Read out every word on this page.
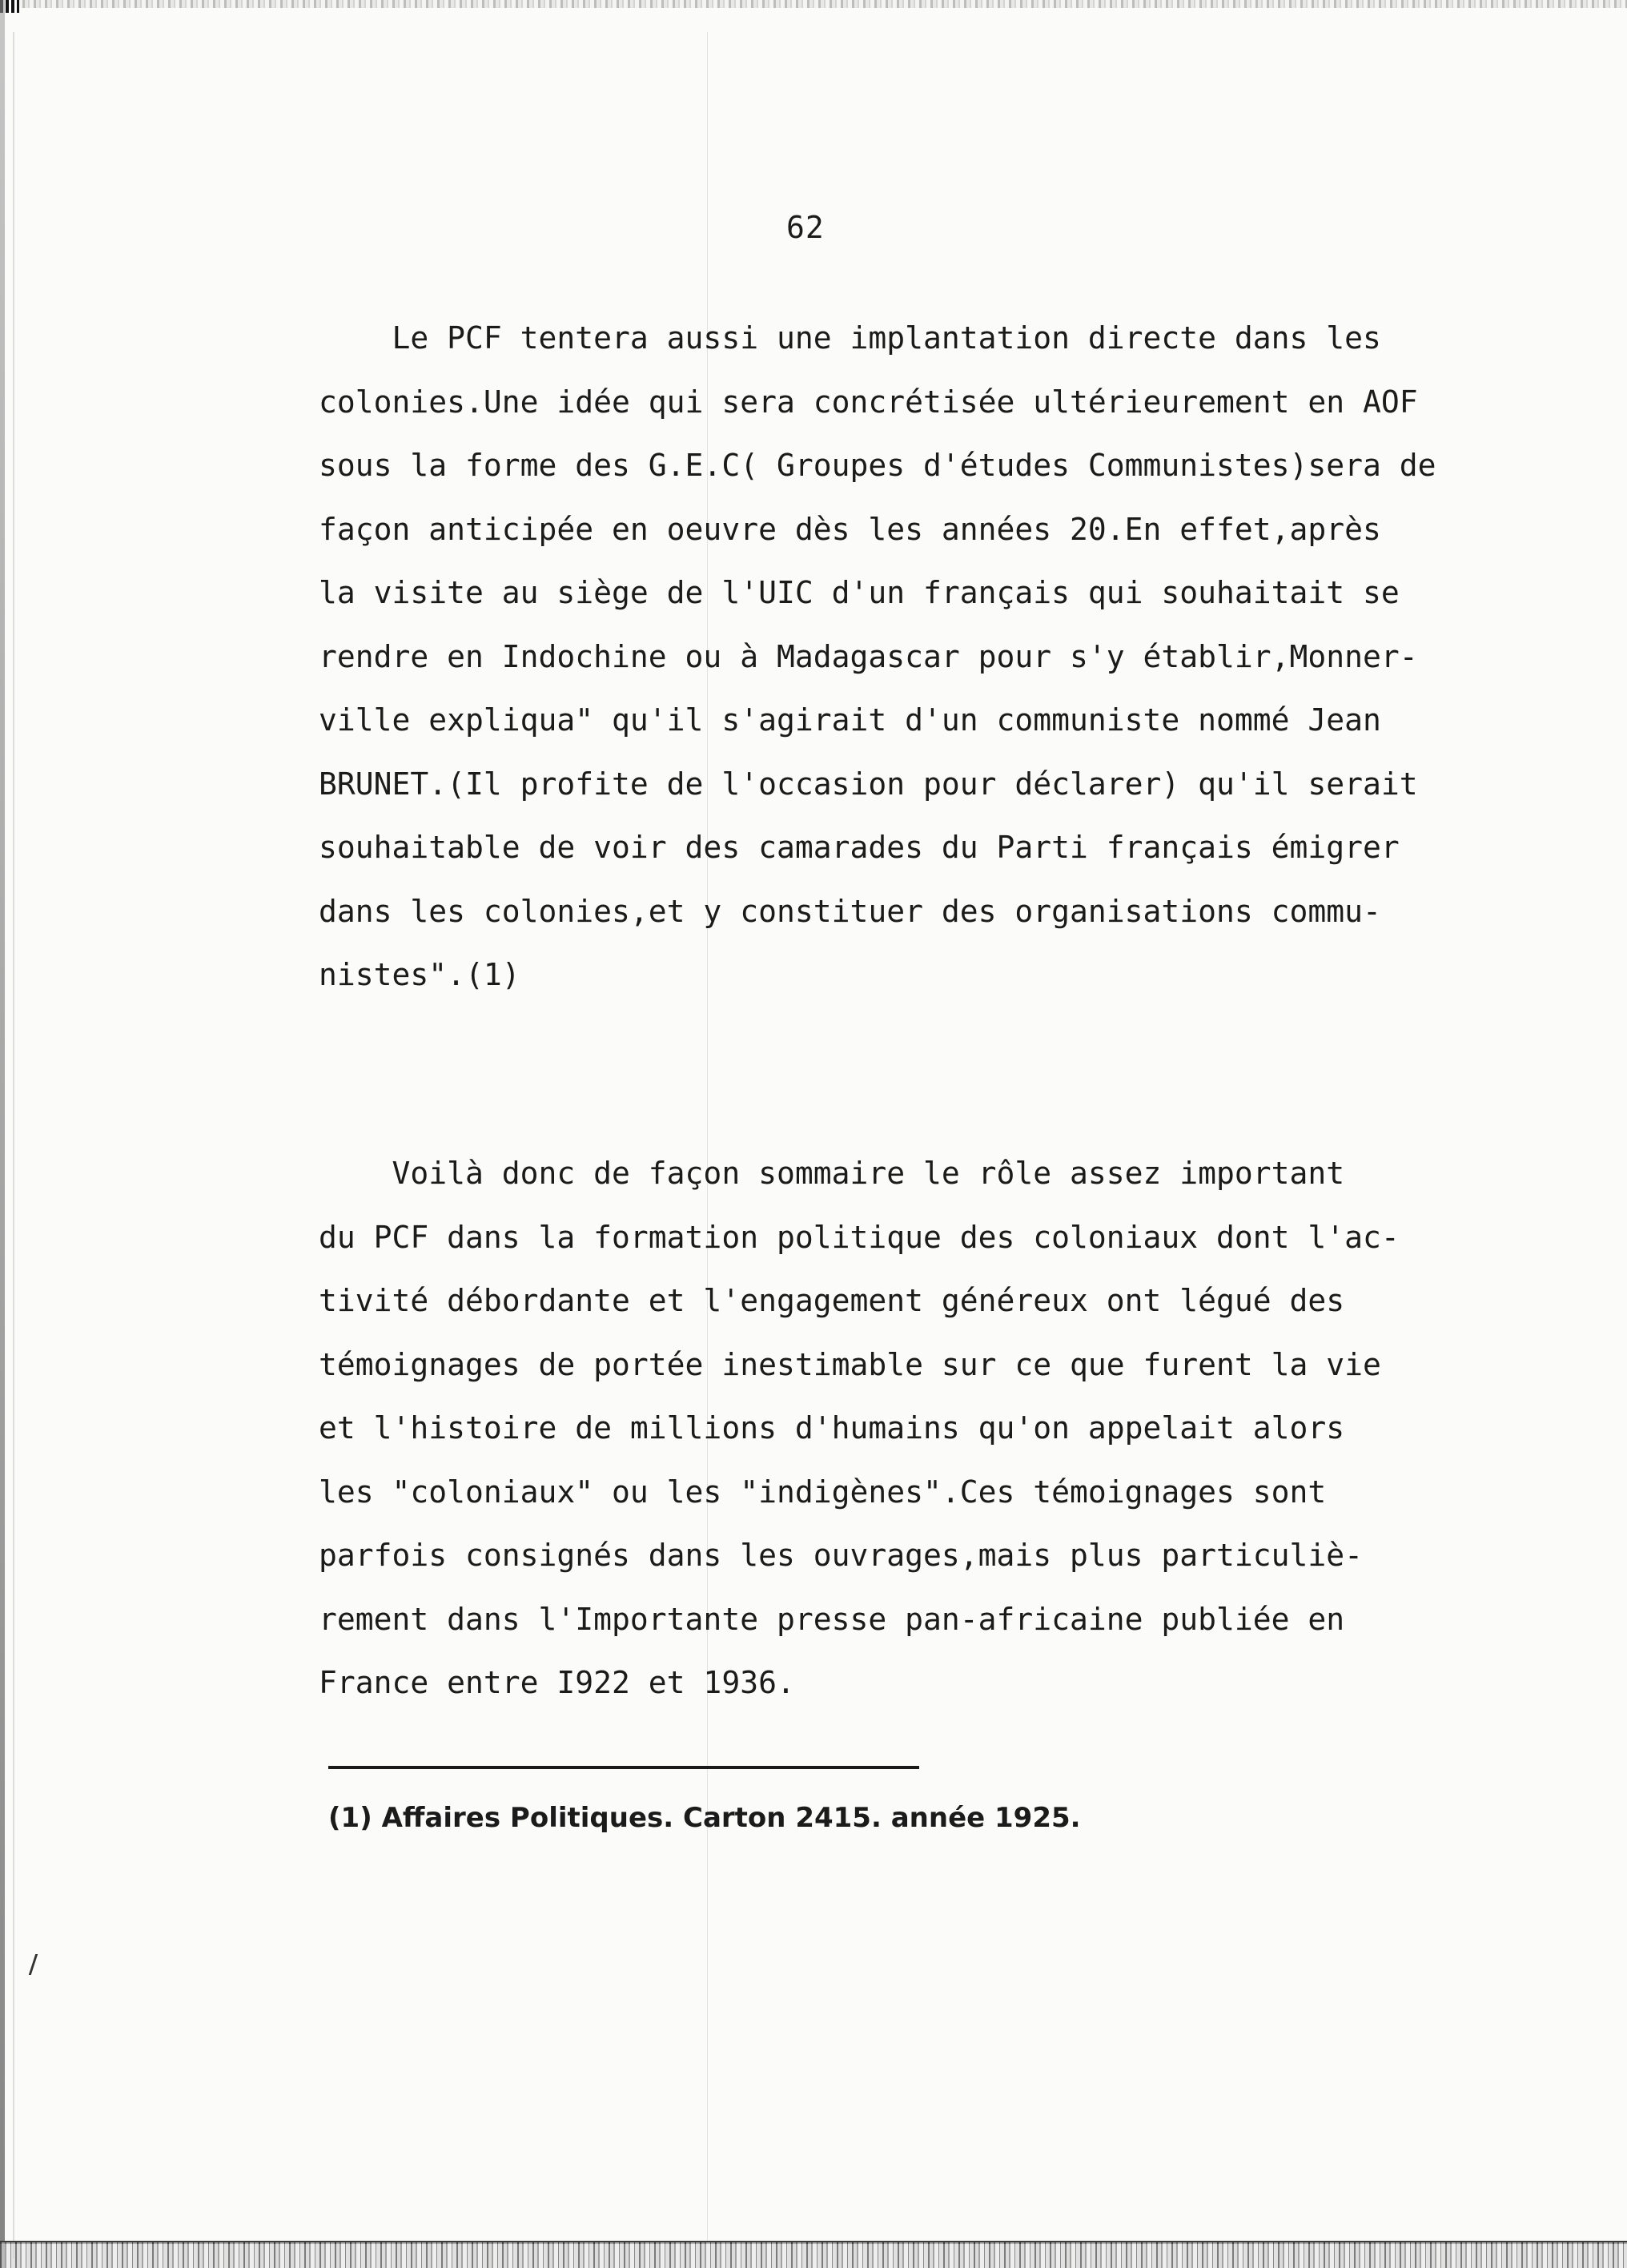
62
Le PCF tentera aussi une implantation directe dans les
colonies.Une idée qui sera concrétisée ultérieurement en AOF
sous la forme des G.E.C( Groupes d'études Communistes)sera de
façon anticipée en oeuvre dès les années 20.En effet,après
la visite au siège de l'UIC d'un français qui souhaitait se
rendre en Indochine ou à Madagascar pour s'y établir,Monner-
ville expliqua" qu'il s'agirait d'un communiste nommé Jean
BRUNET.(Il profite de l'occasion pour déclarer) qu'il serait
souhaitable de voir des camarades du Parti français émigrer
dans les colonies,et y constituer des organisations commu-
nistes".(1)
Voilà donc de façon sommaire le rôle assez important
du PCF dans la formation politique des coloniaux dont l'ac-
tivité débordante et l'engagement généreux ont légué des
témoignages de portée inestimable sur ce que furent la vie
et l'histoire de millions d'humains qu'on appelait alors
les "coloniaux" ou les "indigènes".Ces témoignages sont
parfois consignés dans les ouvrages,mais plus particuliè-
rement dans l'Importante presse pan-africaine publiée en
France entre I922 et 1936.
(1) Affaires Politiques. Carton 2415. année 1925.
